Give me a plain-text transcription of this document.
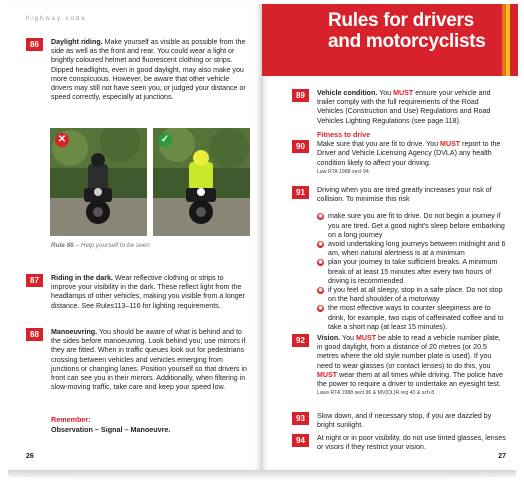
highway code
86	Daylight riding. Make yourself as visible as possible from the side as well as the front and rear. You could wear a light or brightly coloured helmet and fluorescent clothing or strips. Dipped headlights, even in good daylight, may also make you more conspicuous. However, be aware that other vehicle drivers may still not have seen you, or judged your distance or speed correctly, especially at junctions.
✕	✓
Rule 86 – Help yourself to be seen
87	Riding in the dark. Wear reflective clothing or strips to improve your visibility in the dark. These reflect light from the headlamps of other vehicles, making you visible from a longer distance. See Rules113–116 for lighting requirements.
88	Manoeuvring. You should be aware of what is behind and to the sides before manoeuvring. Look behind you; use mirrors if they are fitted. When in traffic queues look out for pedestrians crossing between vehicles and vehicles emerging from junctions or changing lanes. Position yourself so that drivers in front can see you in their mirrors. Additionally, when filtering in slow-moving traffic, take care and keep your speed low.
Remember:
Observation – Signal – Manoeuvre.
26
Rules for drivers
and motorcyclists
89	Vehicle condition. You MUST ensure your vehicle and trailer comply with the full requirements of the Road Vehicles (Construction and Use) Regulations and Road Vehicles Lighting Regulations (see page 118).
Fitness to drive
90	Make sure that you are fit to drive. You MUST report to the Driver and Vehicle Licensing Agency (DVLA) any health condition likely to affect your driving.
Law RTA 1988 sect 94
91	Driving when you are tired greatly increases your risk of collision. To minimise this risk
◉ make sure you are fit to drive. Do not begin a journey if you are tired. Get a good night's sleep before embarking on a long journey
◉ avoid undertaking long journeys between midnight and 6 am, when natural alertness is at a minimum
◉ plan your journey to take sufficient breaks. A minimum break of at least 15 minutes after every two hours of driving is recommended
◉ if you feel at all sleepy, stop in a safe place. Do not stop on the hard shoulder of a motorway
◉ the most effective ways to counter sleepiness are to drink, for example, two cups of caffeinated coffee and to take a short nap (at least 15 minutes).
92	Vision. You MUST be able to read a vehicle number plate, in good daylight, from a distance of 20 metres (or 20.5 metres where the old style number plate is used). If you need to wear glasses (or contact lenses) to do this, you MUST wear them at all times while driving. The police have the power to require a driver to undertake an eyesight test.
Laws RTA 1988 sect 96 & MV(DL)R reg 40 & sch 8
93	Slow down, and if necessary stop, if you are dazzled by bright sunlight.
94	At night or in poor visibility, do not use tinted glasses, lenses or visors if they restrict your vision.
27
